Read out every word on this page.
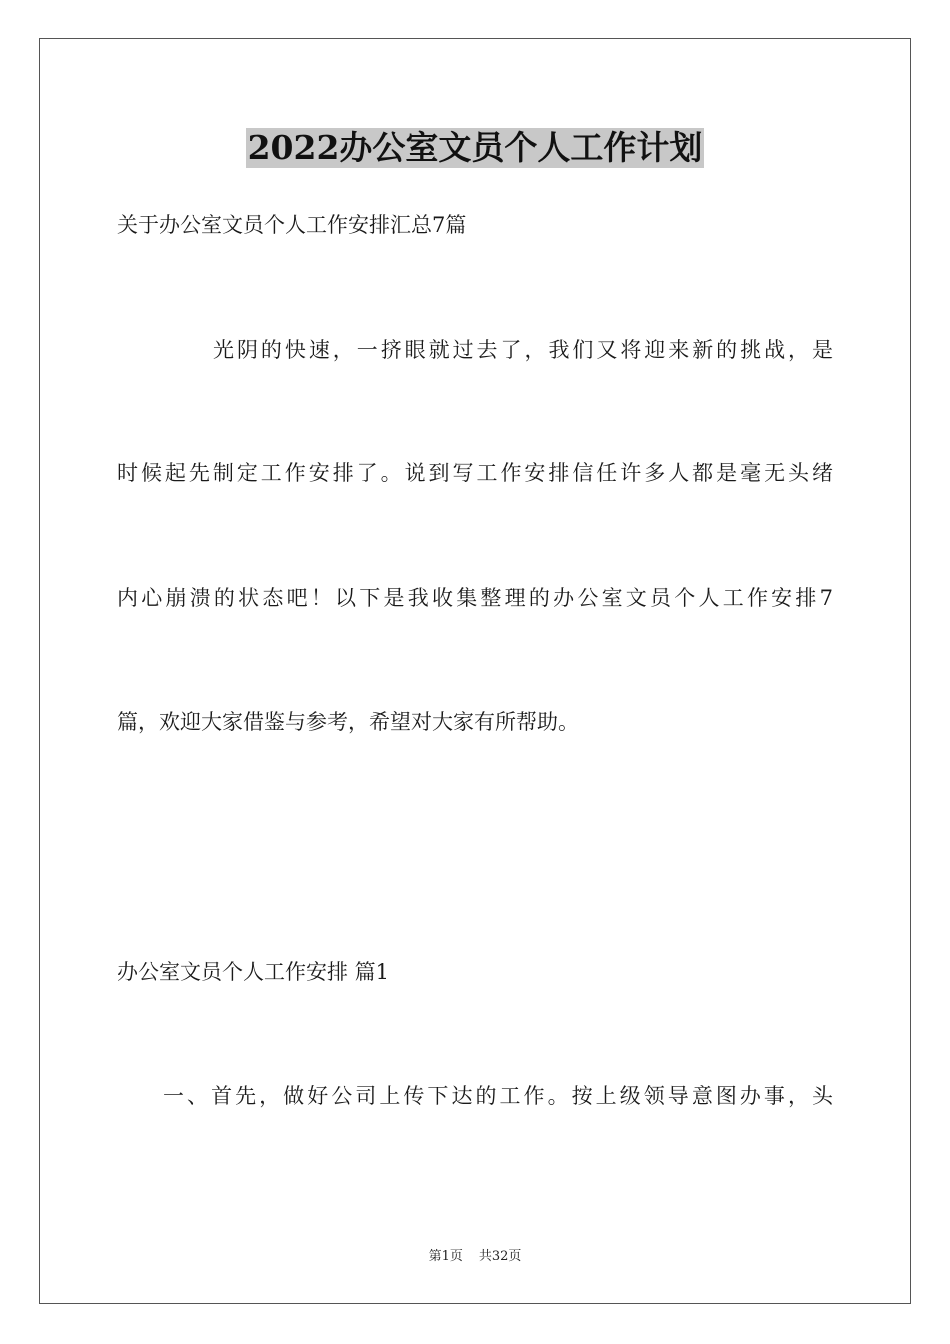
2022办公室文员个人工作计划
关于办公室文员个人工作安排汇总7篇
光阴的快速，一挤眼就过去了，我们又将迎来新的挑战，是
时候起先制定工作安排了。说到写工作安排信任许多人都是毫无头绪
内心崩溃的状态吧！以下是我收集整理的办公室文员个人工作安排7
篇，欢迎大家借鉴与参考，希望对大家有所帮助。
办公室文员个人工作安排 篇1
一、首先，做好公司上传下达的工作。按上级领导意图办事，头
第1页 共32页
